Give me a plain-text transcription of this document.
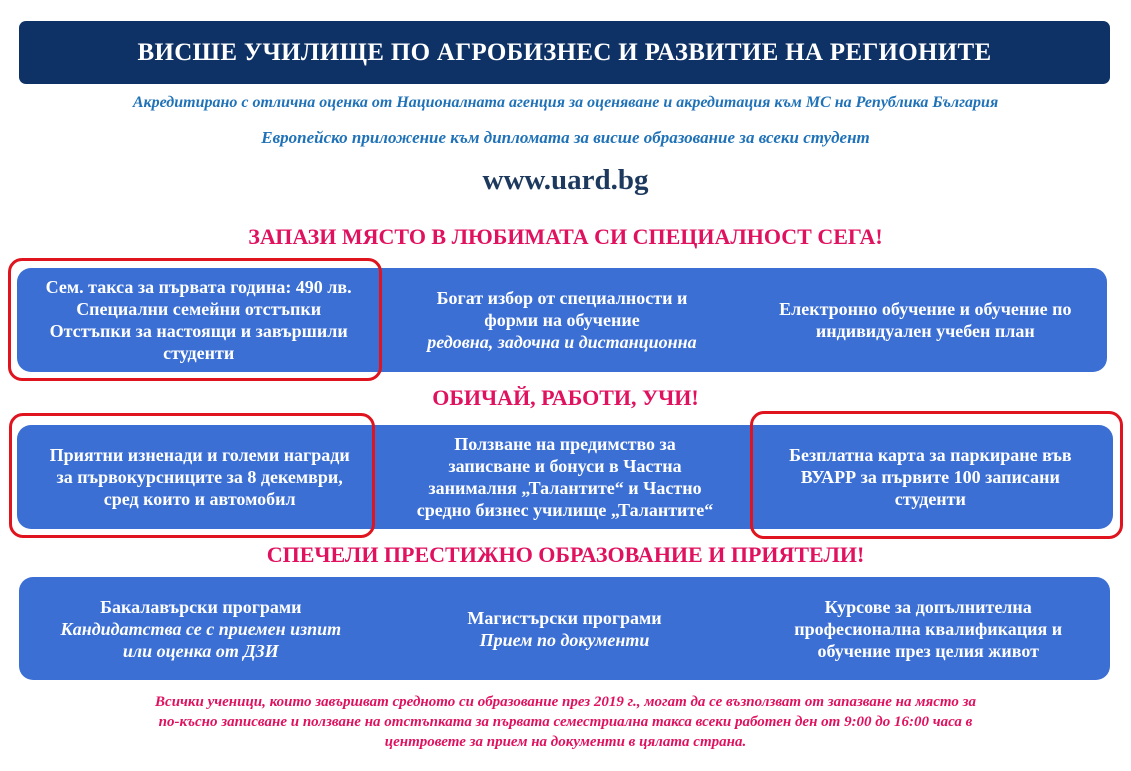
ВИСШЕ УЧИЛИЩЕ ПО АГРОБИЗНЕС И РАЗВИТИЕ НА РЕГИОНИТЕ
Акредитирано с отлична оценка от Националната агенция за оценяване и акредитация към МС на Република България
Европейско приложение към дипломата за висше образование за всеки студент
www.uard.bg
ЗАПАЗИ МЯСТО В ЛЮБИМАТА СИ СПЕЦИАЛНОСТ СЕГА!
Сем. такса за първата година: 490 лв.
Специални семейни отстъпки
Отстъпки за настоящи и завършили
студенти
Богат избор от специалности и
форми на обучение
редовна, задочна и дистанционна
Електронно обучение и обучение по
индивидуален учебен план
ОБИЧАЙ, РАБОТИ, УЧИ!
Приятни изненади и големи награди
за първокурсниците за 8 декември,
сред които и автомобил
Ползване на предимство за
записване и бонуси в Частна
занималня „Талантите“ и Частно
средно бизнес училище „Талантите“
Безплатна карта за паркиране във
ВУАРР за първите 100 записани
студенти
СПЕЧЕЛИ ПРЕСТИЖНО ОБРАЗОВАНИЕ И ПРИЯТЕЛИ!
Бакалавърски програми
Кандидатства се с приемен изпит
или оценка от ДЗИ
Магистърски програми
Прием по документи
Курсове за допълнителна
професионална квалификация и
обучение през целия живот
Всички ученици, които завършват средното си образование през 2019 г., могат да се възползват от запазване на място за
по-късно записване и ползване на отстъпката за първата семестриална такса всеки работен ден от 9:00 до 16:00 часа в
центровете за прием на документи в цялата страна.
